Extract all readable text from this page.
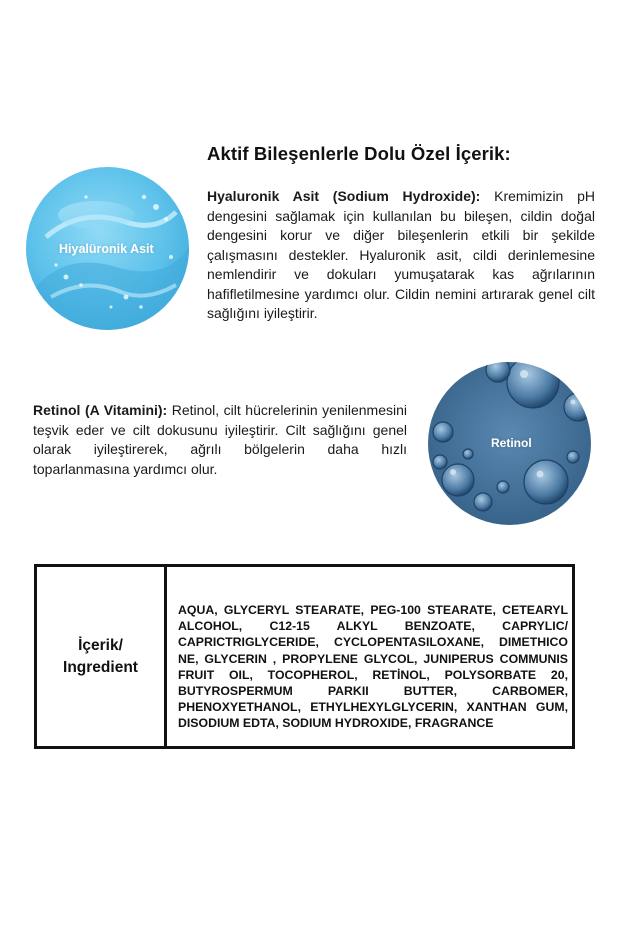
Aktif Bileşenlerle Dolu Özel İçerik:
Hiyalüronik Asit
Hyaluronik Asit (Sodium Hydroxide): Kremimizin pH dengesini sağlamak için kullanılan bu bileşen, cildin doğal dengesini korur ve diğer bileşenlerin etkili bir şekilde çalışmasını destekler. Hyaluronik asit, cildi derinlemesine nemlendirir ve dokuları yumuşatarak kas ağrılarının hafifletilmesine yardımcı olur. Cildin nemini artırarak genel cilt sağlığını iyileştirir.
Retinol (A Vitamini): Retinol, cilt hücrelerinin yenilenmesini teşvik eder ve cilt dokusunu iyileştirir. Cilt sağlığını genel olarak iyileştirerek, ağrılı bölgelerin daha hızlı toparlanmasına yardımcı olur.
Retinol
İçerik/
Ingredient
AQUA, GLYCERYL STEARATE, PEG-100 STEARATE, CETEARYL ALCOHOL, C12-15 ALKYL BENZOATE, CAPRYLIC/ CAPRICTRIGLYCERIDE, CYCLOPENTASILOXANE, DIMETHICO NE, GLYCERIN , PROPYLENE GLYCOL, JUNIPERUS COMMUNIS FRUIT OIL, TOCOPHEROL, RETİNOL, POLYSORBATE 20, BUTYROSPERMUM PARKII BUTTER, CARBOMER, PHENOXYETHANOL, ETHYLHEXYLGLYCERIN, XANTHAN GUM, DISODIUM EDTA, SODIUM HYDROXIDE, FRAGRANCE
